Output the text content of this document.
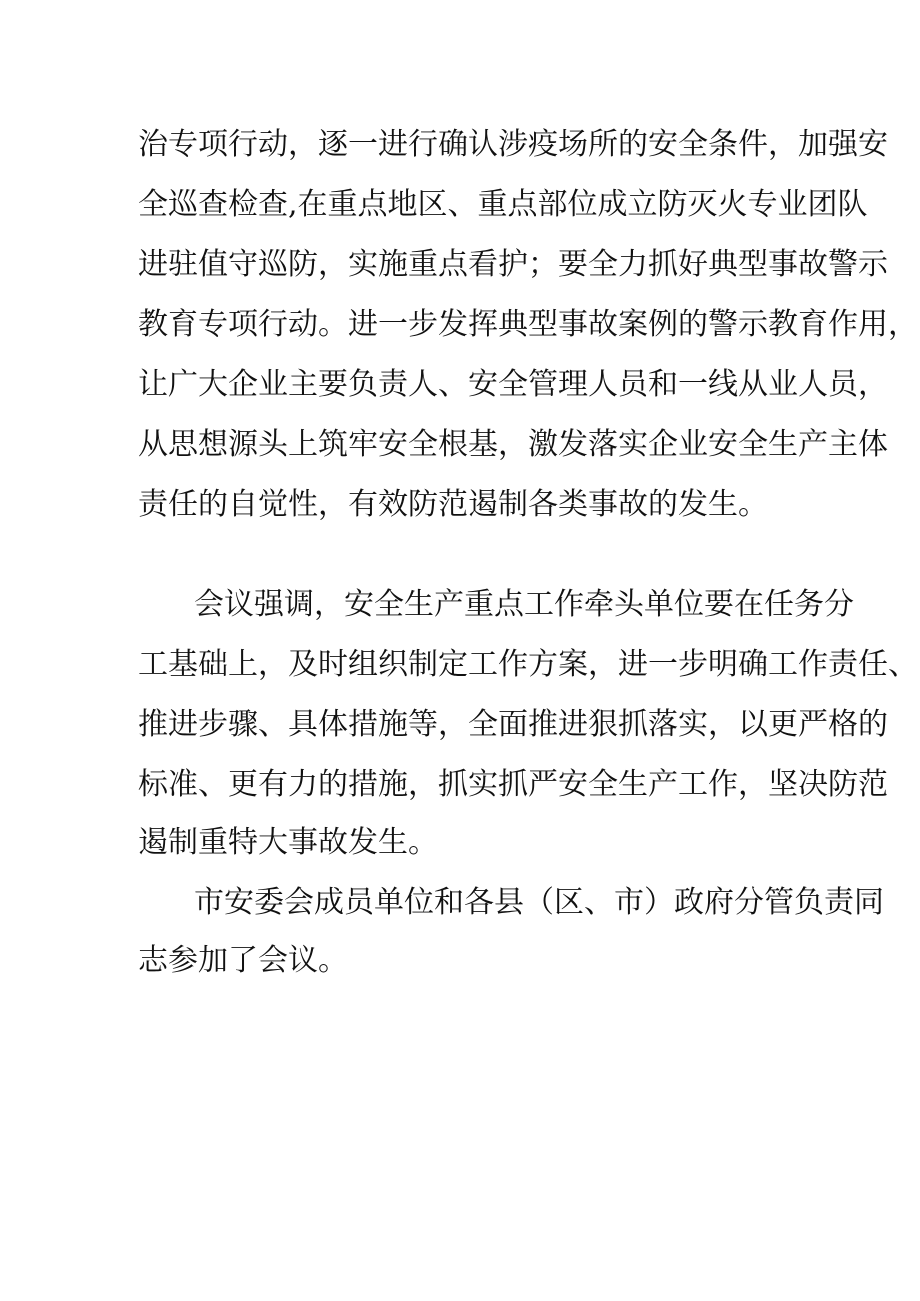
治专项行动，逐一进行确认涉疫场所的安全条件，加强安
全巡查检查,在重点地区、重点部位成立防灭火专业团队
进驻值守巡防，实施重点看护；要全力抓好典型事故警示
教育专项行动。进一步发挥典型事故案例的警示教育作用，
让广大企业主要负责人、安全管理人员和一线从业人员，
从思想源头上筑牢安全根基，激发落实企业安全生产主体
责任的自觉性，有效防范遏制各类事故的发生。
会议强调，安全生产重点工作牵头单位要在任务分
工基础上，及时组织制定工作方案，进一步明确工作责任、
推进步骤、具体措施等，全面推进狠抓落实，以更严格的
标准、更有力的措施，抓实抓严安全生产工作，坚决防范
遏制重特大事故发生。
市安委会成员单位和各县（区、市）政府分管负责同
志参加了会议。
